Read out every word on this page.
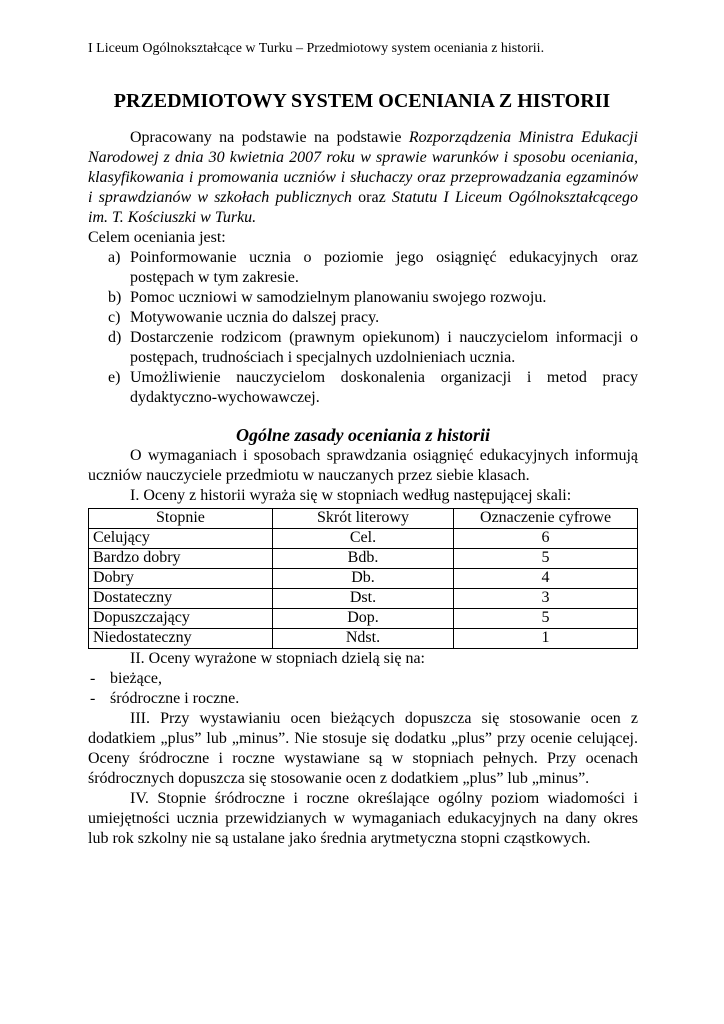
I Liceum Ogólnokształcące w Turku – Przedmiotowy system oceniania z historii.
PRZEDMIOTOWY SYSTEM OCENIANIA Z HISTORII

Opracowany na podstawie na podstawie Rozporządzenia Ministra Edukacji Narodowej z dnia 30 kwietnia 2007 roku w sprawie warunków i sposobu oceniania, klasyfikowania i promowania uczniów i słuchaczy oraz przeprowadzania egzaminów i sprawdzianów w szkołach publicznych oraz Statutu I Liceum Ogólnokształcącego im. T. Kościuszki w Turku.

Celem oceniania jest:

a) Poinformowanie ucznia o poziomie jego osiągnięć edukacyjnych oraz postępach w tym zakresie.
b) Pomoc uczniowi w samodzielnym planowaniu swojego rozwoju.
c) Motywowanie ucznia do dalszej pracy.
d) Dostarczenie rodzicom (prawnym opiekunom) i nauczycielom informacji o postępach, trudnościach i specjalnych uzdolnieniach ucznia.
e) Umożliwienie nauczycielom doskonalenia organizacji i metod pracy dydaktyczno-wychowawczej.
Ogólne zasady oceniania z historii

O wymaganiach i sposobach sprawdzania osiągnięć edukacyjnych informują uczniów nauczyciele przedmiotu w nauczanych przez siebie klasach.

I. Oceny z historii wyraża się w stopniach według następującej skali:

Stopnie	Skrót literowy	Oznaczenie cyfrowe
Celujący	Cel.	6
Bardzo dobry	Bdb.	5
Dobry	Db.	4
Dostateczny	Dst.	3
Dopuszczający	Dop.	5
Niedostateczny	Ndst.	1

II. Oceny wyrażone w stopniach dzielą się na:

- bieżące,
- śródroczne i roczne.

III. Przy wystawianiu ocen bieżących dopuszcza się stosowanie ocen z dodatkiem „plus” lub „minus”. Nie stosuje się dodatku „plus” przy ocenie celującej. Oceny śródroczne i roczne wystawiane są w stopniach pełnych. Przy ocenach śródrocznych dopuszcza się stosowanie ocen z dodatkiem „plus” lub „minus”.

IV. Stopnie śródroczne i roczne określające ogólny poziom wiadomości i umiejętności ucznia przewidzianych w wymaganiach edukacyjnych na dany okres lub rok szkolny nie są ustalane jako średnia arytmetyczna stopni cząstkowych.
